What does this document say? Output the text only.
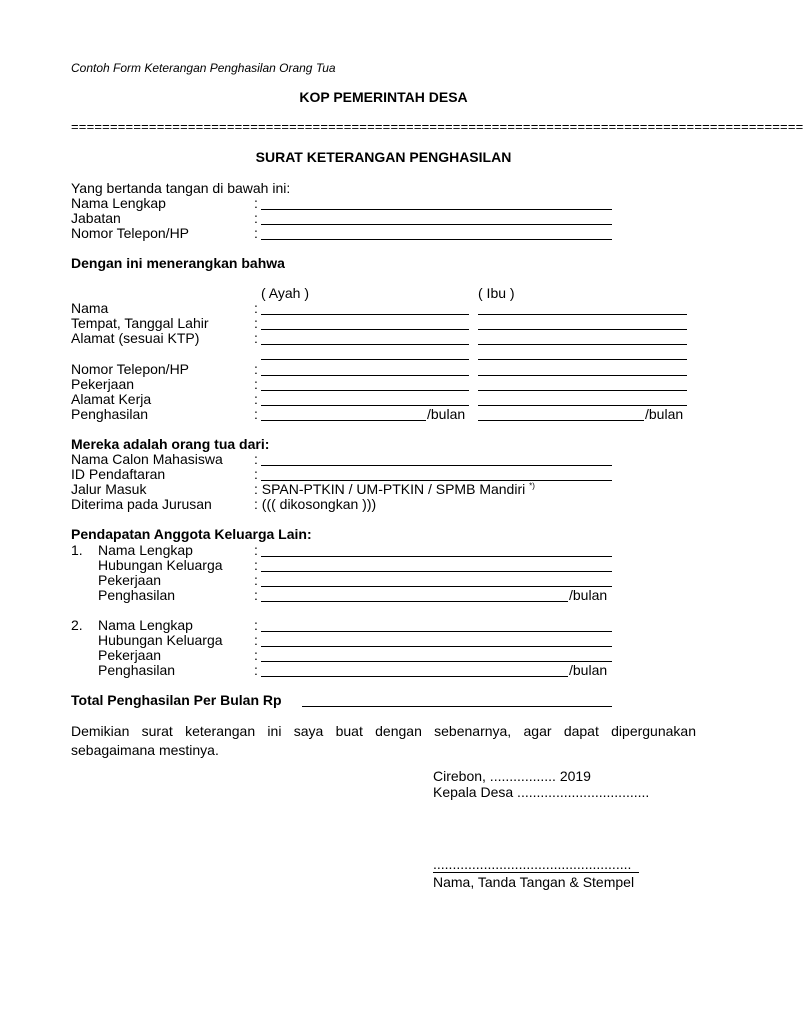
Contoh Form Keterangan Penghasilan Orang Tua
KOP PEMERINTAH DESA
==============================================================================================
SURAT KETERANGAN PENGHASILAN
Yang bertanda tangan di bawah ini:
Nama Lengkap	:
Jabatan	:
Nomor Telepon/HP	:
Dengan ini menerangkan bahwa
( Ayah )	( Ibu )
Nama	:
Tempat, Tanggal Lahir	:
Alamat (sesuai KTP)	:
Nomor Telepon/HP	:
Pekerjaan	:
Alamat Kerja	:
Penghasilan	:	/bulan	/bulan
Mereka adalah orang tua dari:
Nama Calon Mahasiswa :
ID Pendaftaran	:
Jalur Masuk	: SPAN-PTKIN / UM-PTKIN / SPMB Mandiri *)
Diterima pada Jurusan	: ((( dikosongkan )))
Pendapatan Anggota Keluarga Lain:
1. Nama Lengkap	:
Hubungan Keluarga :
Pekerjaan	:
Penghasilan	:	/bulan
2. Nama Lengkap	:
Hubungan Keluarga :
Pekerjaan	:
Penghasilan	:	/bulan
Total Penghasilan Per Bulan Rp
Demikian surat keterangan ini saya buat dengan sebenarnya, agar dapat dipergunakan
sebagaimana mestinya.
Cirebon, ................. 2019
Kepala Desa ..................................
...................................................
Nama, Tanda Tangan & Stempel
